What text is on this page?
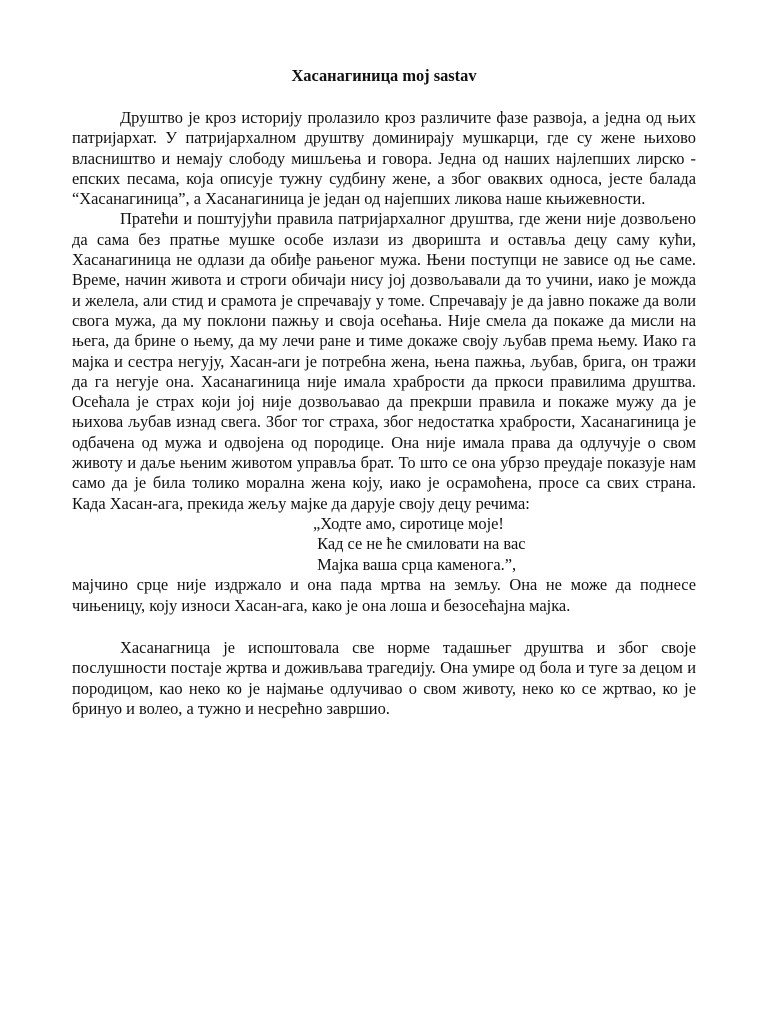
Хасанагиница moj sastav

Друштво је кроз историју пролазило кроз различите фазе развоја, а једна од њих патријархат. У патријархалном друштву доминирају мушкарци, где су жене њихово власништво и немају слободу мишљења и говора. Једна од наших најлепших лирско - епских песама, која описује тужну судбину жене, а због оваквих односа, јесте балада “Хасанагиница”, а Хасанагиница је један од најепших ликова наше књижевности.

Пратећи и поштујући правила патријархалног друштва, где жени није дозвољено да сама без пратње мушке особе излази из дворишта и оставља децу саму кући, Хасанагиница не одлази да обиђе рањеног мужа. Њени поступци не зависе од ње саме. Време, начин живота и строги обичаји нису јој дозвољавали да то учини, иако је можда и желела, али стид и срамота је спречавају у томе. Спречавају је да јавно покаже да воли свога мужа, да му поклони пажњу и своја осећања. Није смела да покаже да мисли на њега, да брине о њему, да му лечи ране и тиме докаже своју љубав према њему. Иако га мајка и сестра негују, Хасан-аги је потребна жена, њена пажња, љубав, брига, он тражи да га негује она. Хасанагиница није имала храбрости да пркоси правилима друштва. Осећала је страх који јој није дозвољавао да прекрши правила и покаже мужу да је њихова љубав изнад свега. Због тог страха, због недостатка храбрости, Хасанагиница је одбачена од мужа и одвојена од породице. Она није имала права да одлучује о свом животу и даље њеним животом управља брат. То што се она убрзо преудаје показује нам само да је била толико морална жена коју, иако је осрамоћена, просе са свих страна. Када Хасан-ага, прекида жељу мајке да дарује своју децу речима:

„Ходте амо, сиротице моје!
Кад се не ће смиловати на вас
Мајка ваша срца каменога.”,

мајчино срце није издржало и она пада мртва на земљу. Она не може да поднесе чињеницу, коју износи Хасан-ага, како је она лоша и безосећајна мајка.

Хасанагница је испоштовала све норме тадашњег друштва и због своје послушности постаје жртва и доживљава трагедију. Она умире од бола и туге за децом и породицом, као неко ко је најмање одлучивао о свом животу, неко ко се жртвао, ко је бринуо и волео, а тужно и несрећно завршио.
